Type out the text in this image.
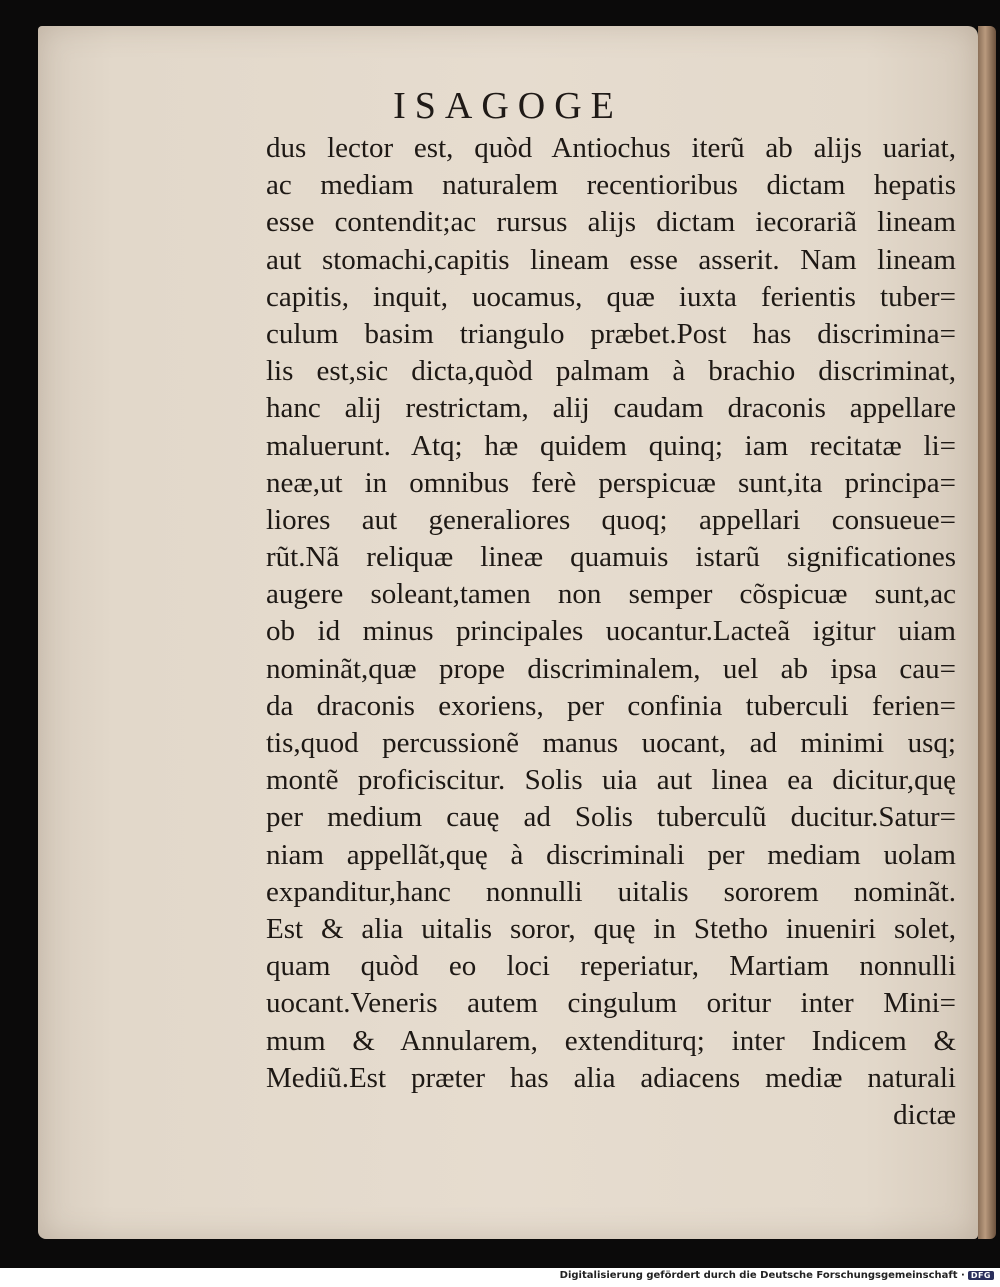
ISAGOGE
dus lector est, quòd Antiochus iterũ ab alijs uariat,
ac mediam naturalem recentioribus dictam hepatis
esse contendit;ac rursus alijs dictam iecorariã lineam
aut stomachi,capitis lineam esse asserit. Nam lineam
capitis, inquit, uocamus, quæ iuxta ferientis tuber=
culum basim triangulo præbet.Post has discrimina=
lis est,sic dicta,quòd palmam à brachio discriminat,
hanc alij restrictam, alij caudam draconis appellare
maluerunt. Atq; hæ quidem quinq; iam recitatæ li=
neæ,ut in omnibus ferè perspicuæ sunt,ita principa=
liores aut generaliores quoq; appellari consueue=
rũt.Nã reliquæ lineæ quamuis istarũ significationes
augere soleant,tamen non semper cõspicuæ sunt,ac
ob id minus principales uocantur.Lacteã igitur uiam
nominãt,quæ prope discriminalem, uel ab ipsa cau=
da draconis exoriens, per confinia tuberculi ferien=
tis,quod percussionẽ manus uocant, ad minimi usq;
montẽ proficiscitur. Solis uia aut linea ea dicitur,quę
per medium cauę ad Solis tuberculũ ducitur.Satur=
niam appellãt,quę à discriminali per mediam uolam
expanditur,hanc nonnulli uitalis sororem nominãt.
Est & alia uitalis soror, quę in Stetho inueniri solet,
quam quòd eo loci reperiatur, Martiam nonnulli
uocant.Veneris autem cingulum oritur inter Mini=
mum & Annularem, extenditurq; inter Indicem &
Mediũ.Est præter has alia adiacens mediæ naturali
dictæ
Digitalisierung gefördert durch die Deutsche Forschungsgemeinschaft · DFG
